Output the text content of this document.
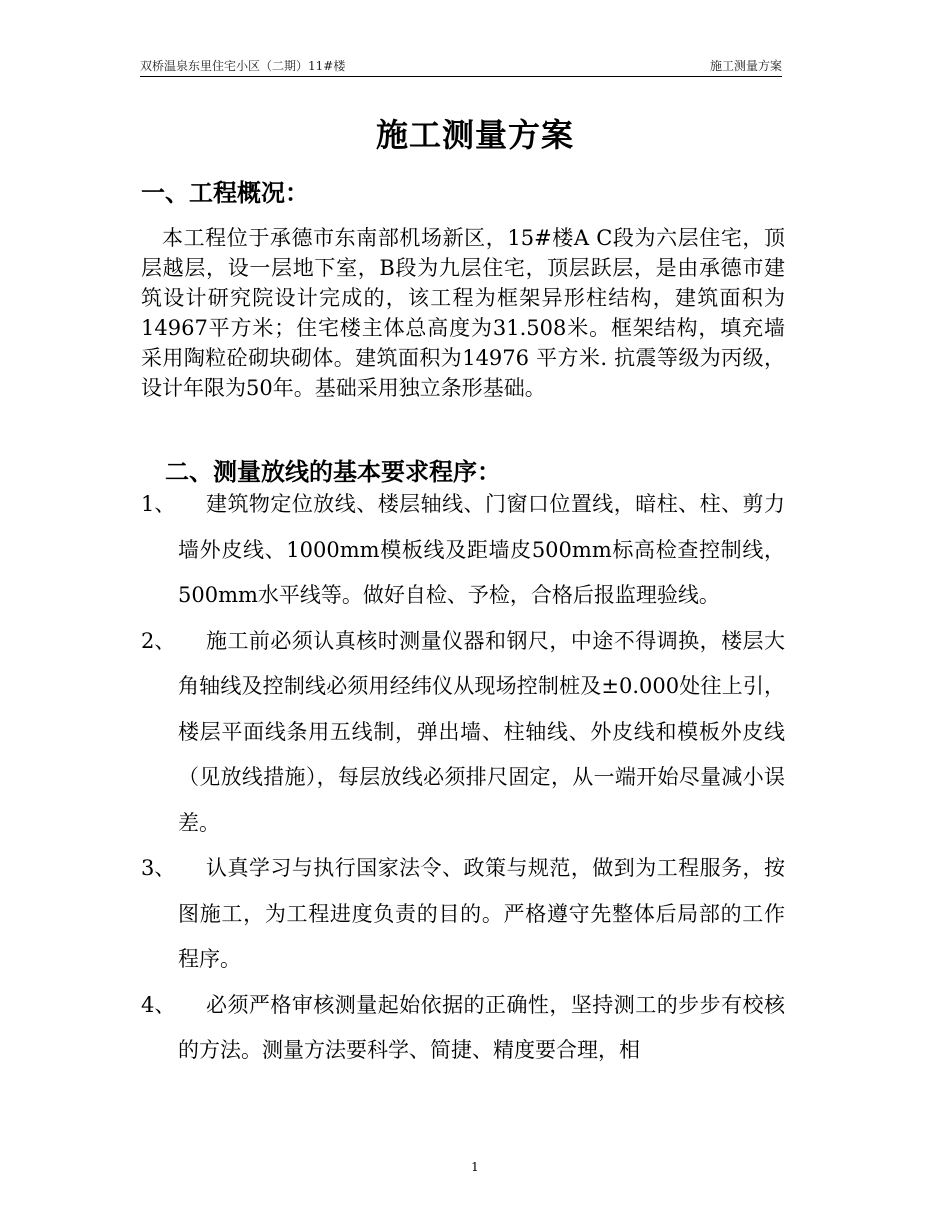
双桥温泉东里住宅小区（二期）11#楼	施工测量方案
施工测量方案
一、工程概况：

本工程位于承德市东南部机场新区，15#楼A C段为六层住宅，顶层越层，设一层地下室，B段为九层住宅，顶层跃层，是由承德市建筑设计研究院设计完成的，该工程为框架异形柱结构，建筑面积为14967平方米；住宅楼主体总高度为31.508米。框架结构，填充墙采用陶粒砼砌块砌体。建筑面积为14976 平方米. 抗震等级为丙级，设计年限为50年。基础采用独立条形基础。

二、测量放线的基本要求程序：
1、	建筑物定位放线、楼层轴线、门窗口位置线，暗柱、柱、剪力墙外皮线、1000mm模板线及距墙皮500mm标高检查控制线，500mm水平线等。做好自检、予检，合格后报监理验线。
2、	施工前必须认真核时测量仪器和钢尺，中途不得调换，楼层大角轴线及控制线必须用经纬仪从现场控制桩及±0.000处往上引，楼层平面线条用五线制，弹出墙、柱轴线、外皮线和模板外皮线（见放线措施），每层放线必须排尺固定，从一端开始尽量减小误差。
3、	认真学习与执行国家法令、政策与规范，做到为工程服务，按图施工，为工程进度负责的目的。严格遵守先整体后局部的工作程序。
4、	必须严格审核测量起始依据的正确性，坚持测工的步步有校核的方法。测量方法要科学、简捷、精度要合理，相
1
